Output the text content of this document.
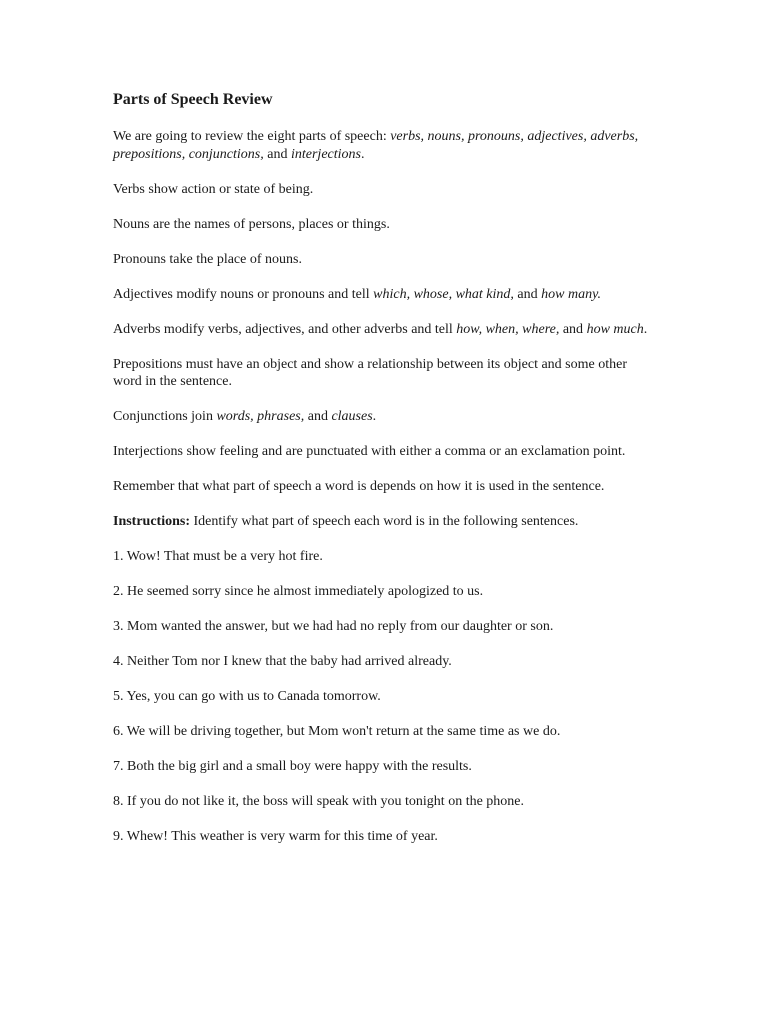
Parts of Speech Review

We are going to review the eight parts of speech: verbs, nouns, pronouns, adjectives, adverbs, prepositions, conjunctions, and interjections.

Verbs show action or state of being.

Nouns are the names of persons, places or things.

Pronouns take the place of nouns.

Adjectives modify nouns or pronouns and tell which, whose, what kind, and how many.

Adverbs modify verbs, adjectives, and other adverbs and tell how, when, where, and how much.

Prepositions must have an object and show a relationship between its object and some other word in the sentence.

Conjunctions join words, phrases, and clauses.

Interjections show feeling and are punctuated with either a comma or an exclamation point.

Remember that what part of speech a word is depends on how it is used in the sentence.

Instructions: Identify what part of speech each word is in the following sentences.

1. Wow! That must be a very hot fire.

2. He seemed sorry since he almost immediately apologized to us.

3. Mom wanted the answer, but we had had no reply from our daughter or son.

4. Neither Tom nor I knew that the baby had arrived already.

5. Yes, you can go with us to Canada tomorrow.

6. We will be driving together, but Mom won't return at the same time as we do.

7. Both the big girl and a small boy were happy with the results.

8. If you do not like it, the boss will speak with you tonight on the phone.

9. Whew! This weather is very warm for this time of year.
